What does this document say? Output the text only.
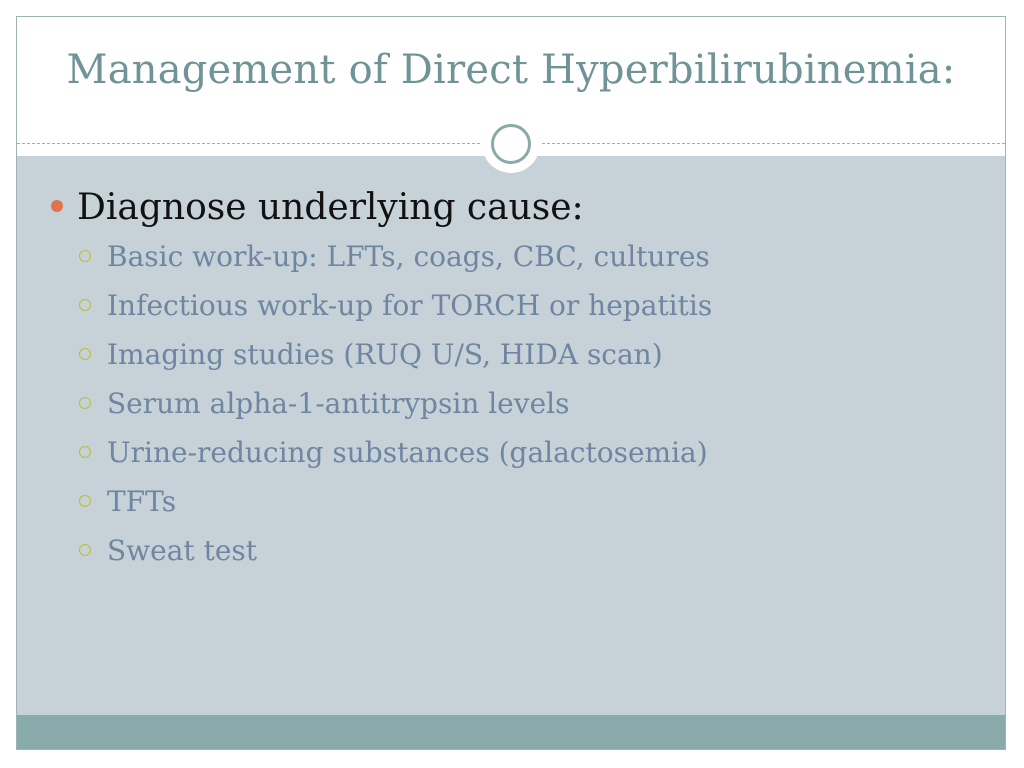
Management of Direct Hyperbilirubinemia:
Diagnose underlying cause:
Basic work-up: LFTs, coags, CBC, cultures
Infectious work-up for TORCH or hepatitis
Imaging studies (RUQ U/S, HIDA scan)
Serum alpha-1-antitrypsin levels
Urine-reducing substances (galactosemia)
TFTs
Sweat test
